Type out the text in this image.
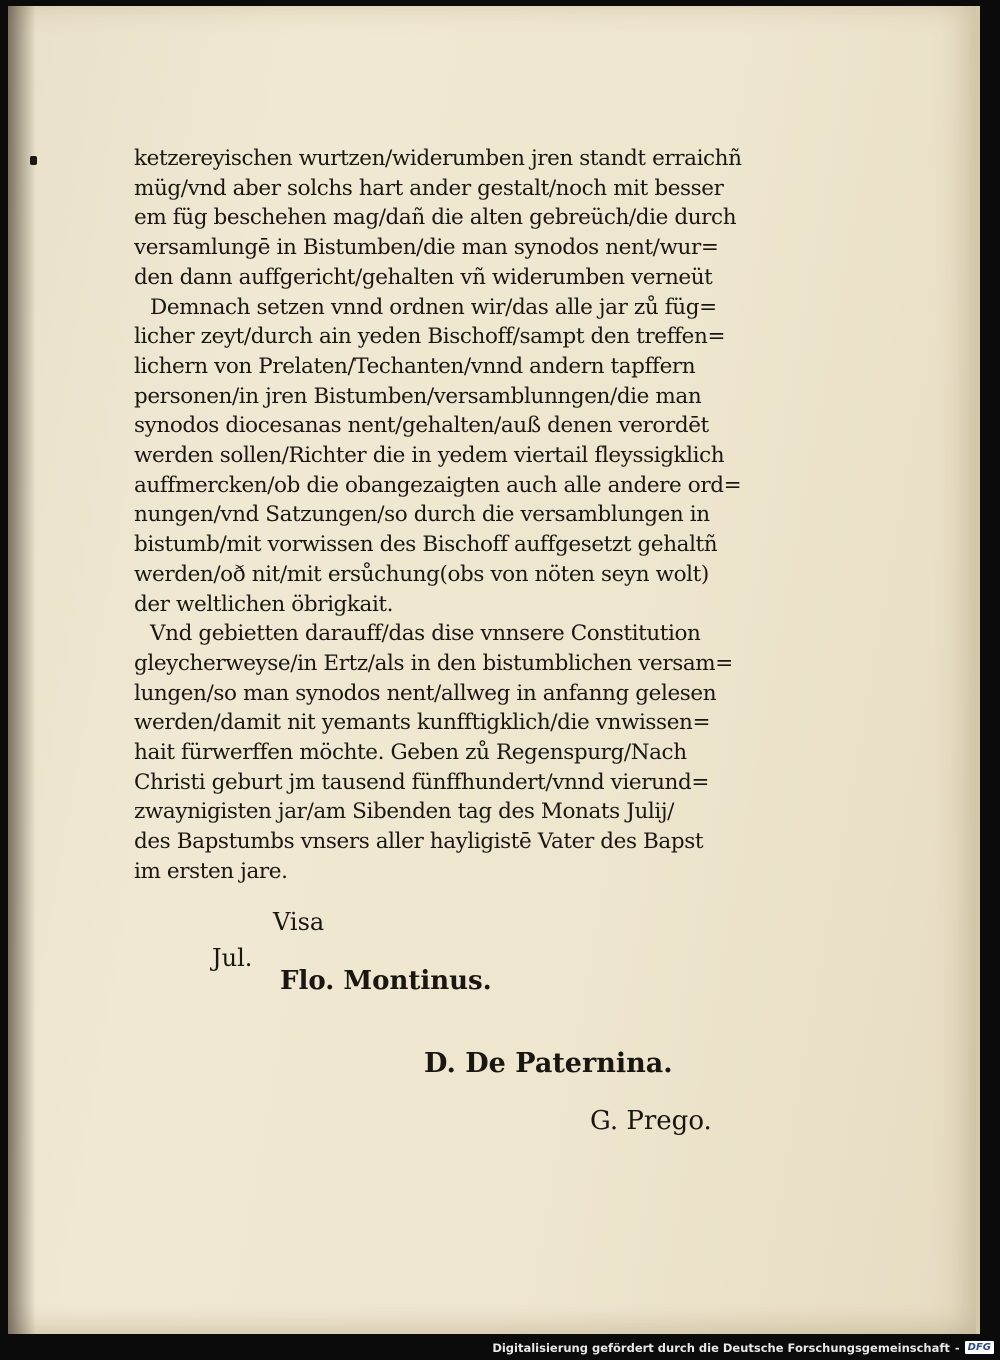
ketzereyischen wurtzen/widerumben jren standt erraichñ
müg/vnd aber solchs hart ander gestalt/noch mit besser
em füg beschehen mag/dañ die alten gebreüch/die durch
versamlungē in Bistumben/die man synodos nent/wur=
den dann auffgericht/gehalten vñ widerumben verneüt
Demnach setzen vnnd ordnen wir/das alle jar zů füg=
licher zeyt/durch ain yeden Bischoff/sampt den treffen=
lichern von Prelaten/Techanten/vnnd andern tapffern
personen/in jren Bistumben/versamblunngen/die man
synodos diocesanas nent/gehalten/auß denen verordēt
werden sollen/Richter die in yedem viertail fleyssigklich
auffmercken/ob die obangezaigten auch alle andere ord=
nungen/vnd Satzungen/so durch die versamblungen in
bistumb/mit vorwissen des Bischoff auffgesetzt gehaltñ
werden/oð nit/mit ersůchung(obs von nöten seyn wolt)
der weltlichen öbrigkait.
Vnd gebietten darauff/das dise vnnsere Constitution
gleycherweyse/in Ertz/als in den bistumblichen versam=
lungen/so man synodos nent/allweg in anfanng gelesen
werden/damit nit yemants kunfftigklich/die vnwissen=
hait fürwerffen möchte. Geben zů Regenspurg/Nach
Christi geburt jm tausend fünffhundert/vnnd vierund=
zwaynigisten jar/am Sibenden tag des Monats Julij/
des Bapstumbs vnsers aller hayligistē Vater des Bapst
im ersten jare.
Visa
Jul.
Flo. Montinus.
D. De Paternina.
G. Prego.
Digitalisierung gefördert durch die Deutsche Forschungsgemeinschaft - DFG
